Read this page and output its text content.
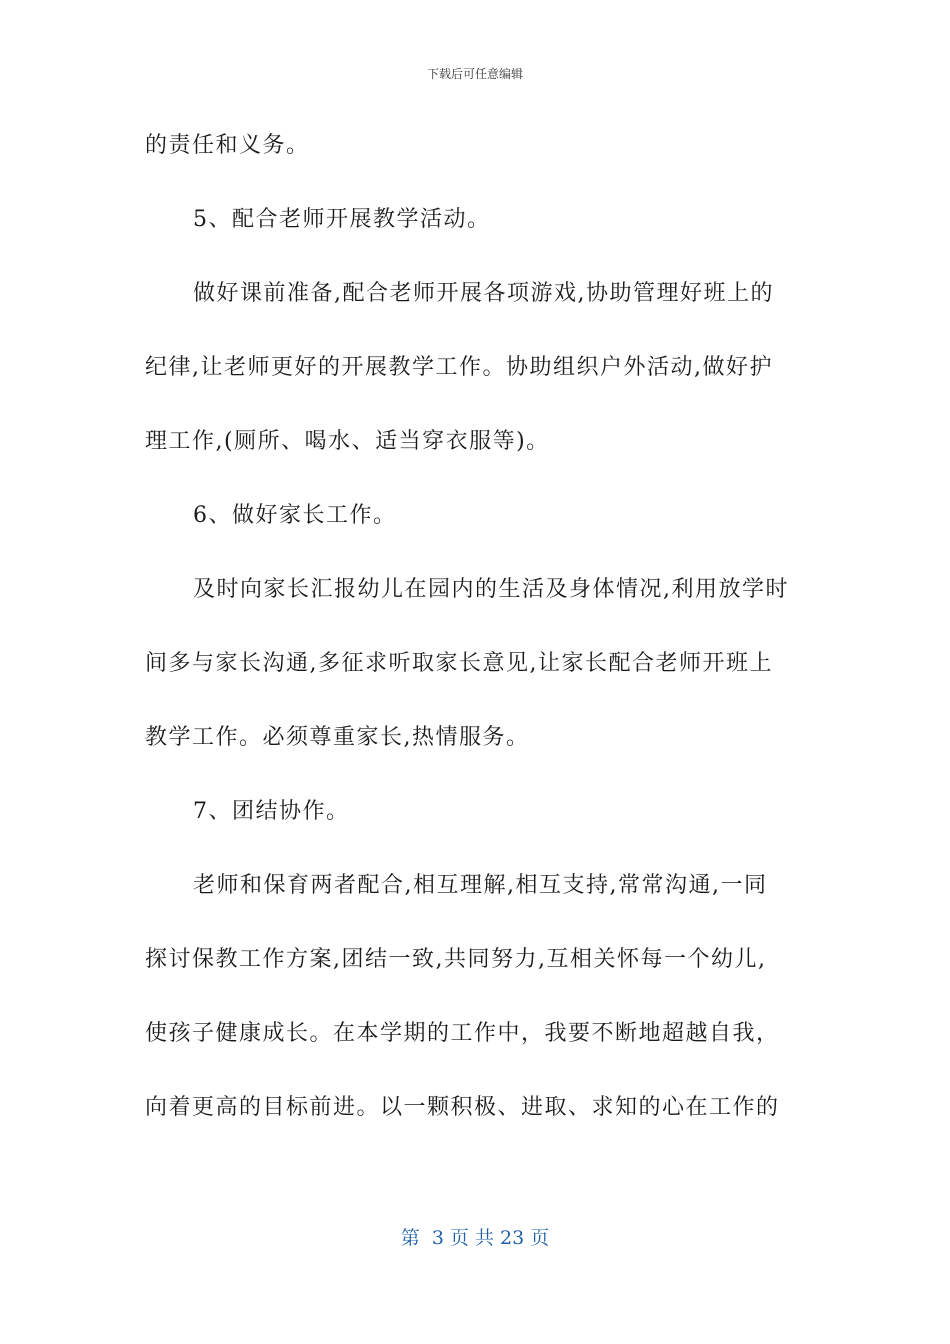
下载后可任意编辑
的责任和义务。
5、配合老师开展教学活动。
做好课前准备,配合老师开展各项游戏,协助管理好班上的
纪律,让老师更好的开展教学工作。协助组织户外活动,做好护
理工作,(厕所、喝水、适当穿衣服等)。
6、做好家长工作。
及时向家长汇报幼儿在园内的生活及身体情况,利用放学时
间多与家长沟通,多征求听取家长意见,让家长配合老师开班上
教学工作。必须尊重家长,热情服务。
7、团结协作。
老师和保育两者配合,相互理解,相互支持,常常沟通,一同
探讨保教工作方案,团结一致,共同努力,互相关怀每一个幼儿,
使孩子健康成长。在本学期的工作中，我要不断地超越自我，
向着更高的目标前进。以一颗积极、进取、求知的心在工作的
第  3 页 共 23 页
